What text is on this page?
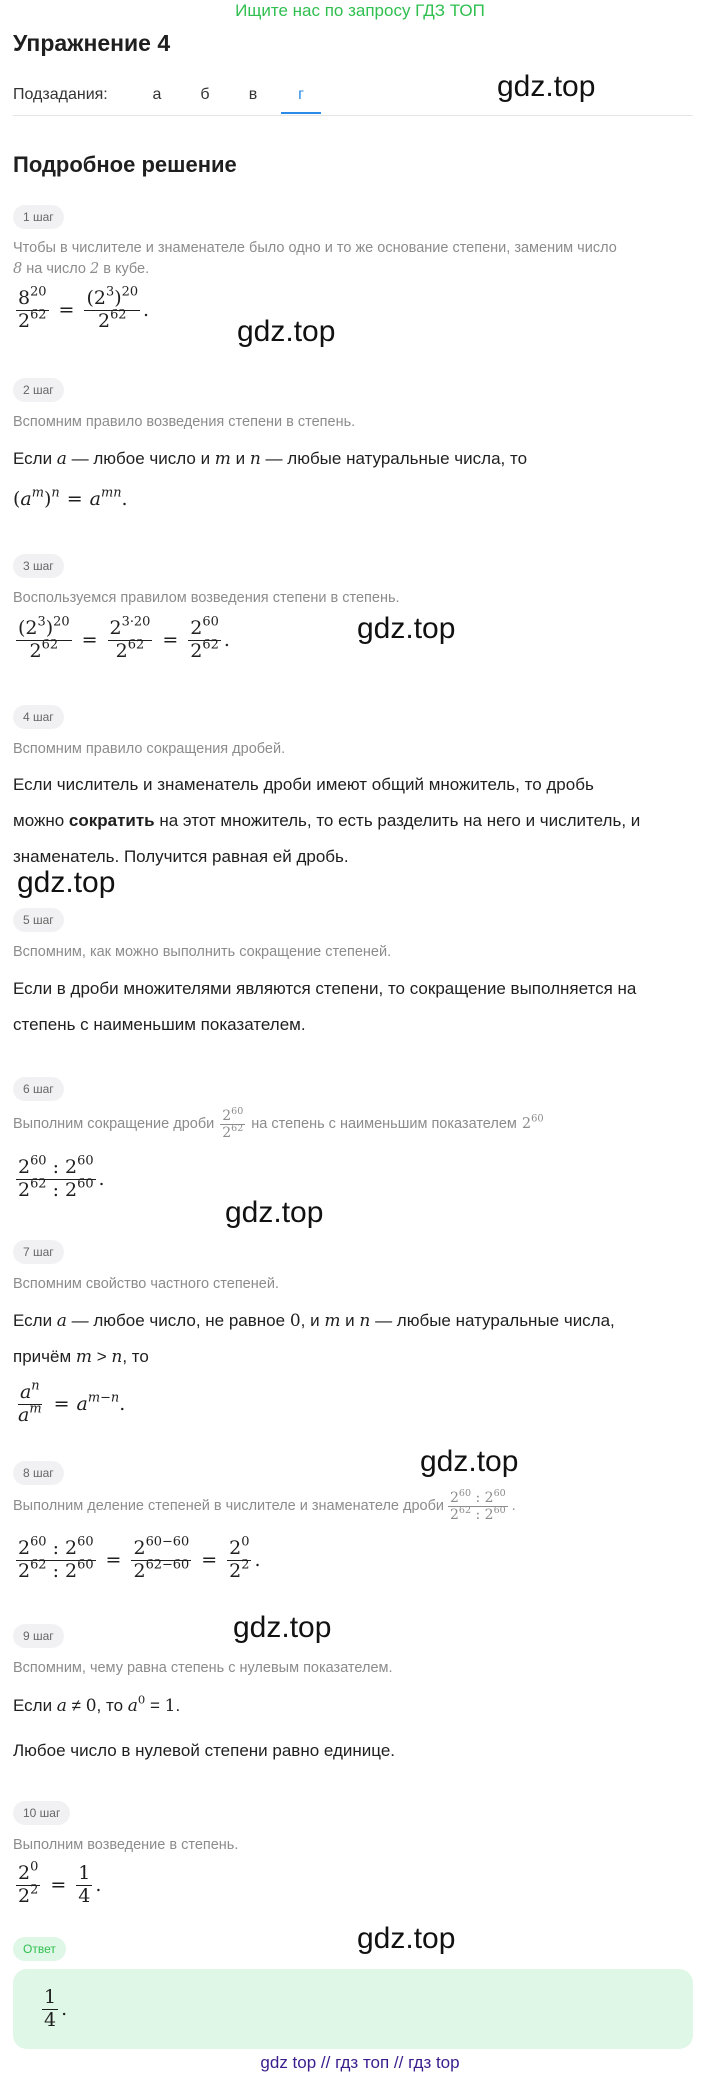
Ищите нас по запросу ГДЗ ТОП
Упражнение 4
Подзадания:	а	б	в	г	gdz.top
gdz.top
gdz.top
gdz.top
gdz.top
gdz.top
gdz.top
gdz.top
Подробное решение
1 шаг
Чтобы в числителе и знаменателе было одно и то же основание степени, заменим число
8 на число 2 в кубе.
$\frac{8^{20}}{2^{62}} = \frac{(2^3)^{20}}{2^{62}}$ .
2 шаг
Вспомним правило возведения степени в степень.
Если a — любое число и m и n — любые натуральные числа, то
$(a^m)^n = a^{mn}$.
3 шаг
Воспользуемся правилом возведения степени в степень.
$\frac{(2^3)^{20}}{2^{62}} = \frac{2^{3\cdot 20}}{2^{62}} = \frac{2^{60}}{2^{62}}$ .
4 шаг
Вспомним правило сокращения дробей.
Если числитель и знаменатель дроби имеют общий множитель, то дробь
можно сократить на этот множитель, то есть разделить на него и числитель, и
знаменатель. Получится равная ей дробь.
5 шаг
Вспомним, как можно выполнить сокращение степеней.
Если в дроби множителями являются степени, то сокращение выполняется на
степень с наименьшим показателем.
6 шаг
Выполним сокращение дроби $\frac{2^{60}}{2^{62}}$ на степень с наименьшим показателем $2^{60}$
$\frac{2^{60} : 2^{60}}{2^{62} : 2^{60}}$ .
7 шаг
Вспомним свойство частного степеней.
Если a — любое число, не равное 0, и m и n — любые натуральные числа,
причём m > n, то
$\frac{a^n}{a^m} = a^{m-n}$.
8 шаг
Выполним деление степеней в числителе и знаменателе дроби $\frac{2^{60} : 2^{60}}{2^{62} : 2^{60}}$ .
$\frac{2^{60} : 2^{60}}{2^{62} : 2^{60}} = \frac{2^{60-60}}{2^{62-60}} = \frac{2^0}{2^2}$ .
9 шаг
Вспомним, чему равна степень с нулевым показателем.
Если a ≠ 0, то $a^0 = 1$.
Любое число в нулевой степени равно единице.
10 шаг
Выполним возведение в степень.
$\frac{2^0}{2^2} = \frac{1}{4}$ .
Ответ
$\frac{1}{4}$ .
gdz top // гдз топ // гдз top
